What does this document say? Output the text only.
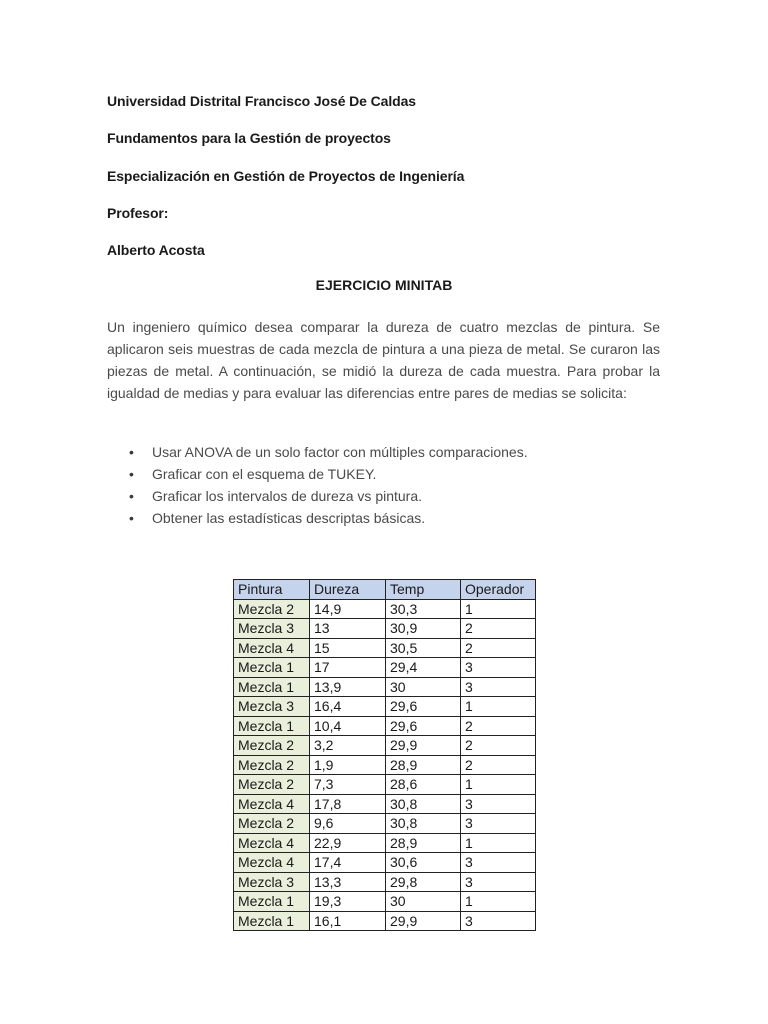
Universidad Distrital Francisco José De Caldas
Fundamentos para la Gestión de proyectos
Especialización en Gestión de Proyectos de Ingeniería
Profesor:
Alberto Acosta
EJERCICIO MINITAB
Un ingeniero químico desea comparar la dureza de cuatro mezclas de pintura. Se aplicaron seis muestras de cada mezcla de pintura a una pieza de metal. Se curaron las piezas de metal. A continuación, se midió la dureza de cada muestra. Para probar la igualdad de medias y para evaluar las diferencias entre pares de medias se solicita:
• Usar ANOVA de un solo factor con múltiples comparaciones.
• Graficar con el esquema de TUKEY.
• Graficar los intervalos de dureza vs pintura.
• Obtener las estadísticas descriptas básicas.
Pintura	Dureza	Temp	Operador
Mezcla 2	14,9	30,3	1
Mezcla 3	13	30,9	2
Mezcla 4	15	30,5	2
Mezcla 1	17	29,4	3
Mezcla 1	13,9	30	3
Mezcla 3	16,4	29,6	1
Mezcla 1	10,4	29,6	2
Mezcla 2	3,2	29,9	2
Mezcla 2	1,9	28,9	2
Mezcla 2	7,3	28,6	1
Mezcla 4	17,8	30,8	3
Mezcla 2	9,6	30,8	3
Mezcla 4	22,9	28,9	1
Mezcla 4	17,4	30,6	3
Mezcla 3	13,3	29,8	3
Mezcla 1	19,3	30	1
Mezcla 1	16,1	29,9	3
